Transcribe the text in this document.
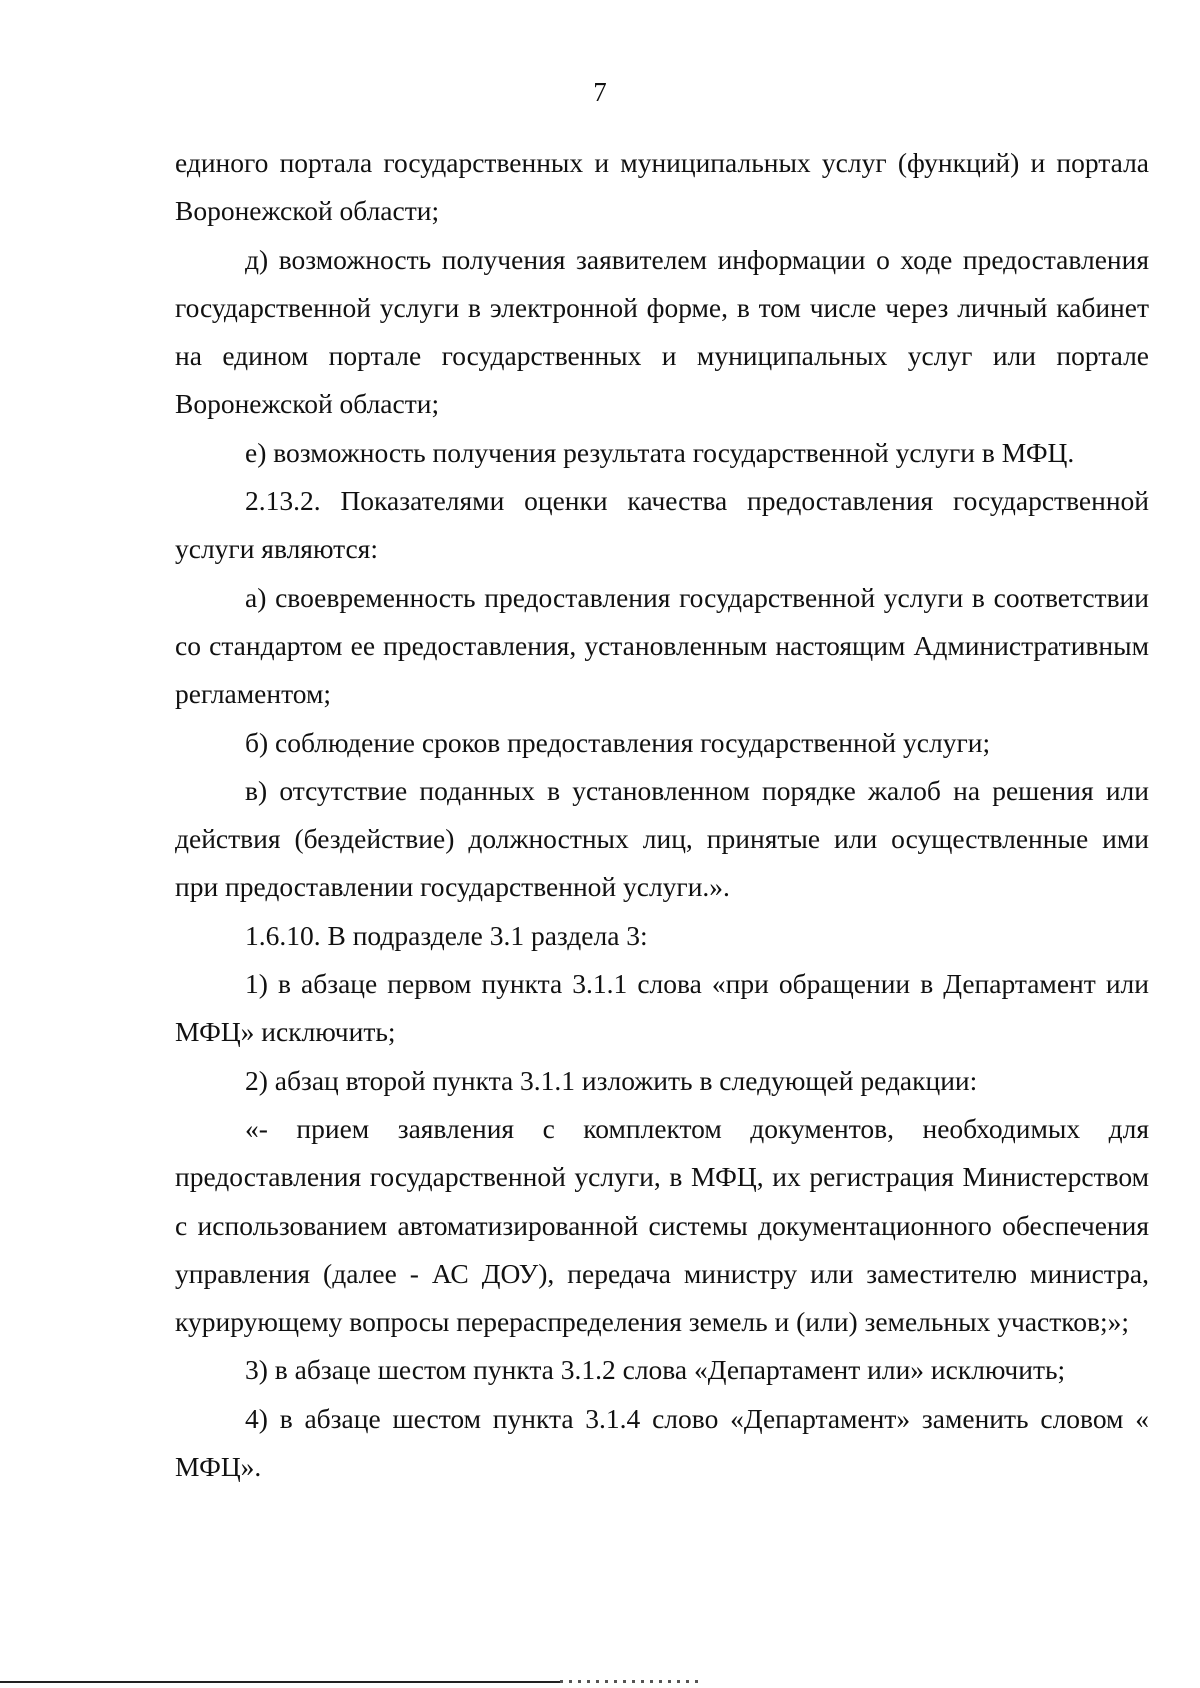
7

единого портала государственных и муниципальных услуг (функций) и портала Воронежской области;

д) возможность получения заявителем информации о ходе предоставления государственной услуги в электронной форме, в том числе через личный кабинет на едином портале государственных и муниципальных услуг или портале Воронежской области;

е) возможность получения результата государственной услуги в МФЦ.

2.13.2. Показателями оценки качества предоставления государственной услуги являются:

а) своевременность предоставления государственной услуги в соответствии со стандартом ее предоставления, установленным настоящим Административным регламентом;

б) соблюдение сроков предоставления государственной услуги;

в) отсутствие поданных в установленном порядке жалоб на решения или действия (бездействие) должностных лиц, принятые или осуществленные ими при предоставлении государственной услуги.».

1.6.10. В подразделе 3.1 раздела 3:

1) в абзаце первом пункта 3.1.1 слова «при обращении в Департамент или МФЦ» исключить;

2) абзац второй пункта 3.1.1 изложить в следующей редакции:

«- прием заявления с комплектом документов, необходимых для предоставления государственной услуги, в МФЦ, их регистрация Министерством с использованием автоматизированной системы документационного обеспечения управления (далее - АС ДОУ), передача министру или заместителю министра, курирующему вопросы перераспределения земель и (или) земельных участков;»;

3) в абзаце шестом пункта 3.1.2 слова «Департамент или» исключить;

4) в абзаце шестом пункта 3.1.4 слово «Департамент» заменить словом « МФЦ».
